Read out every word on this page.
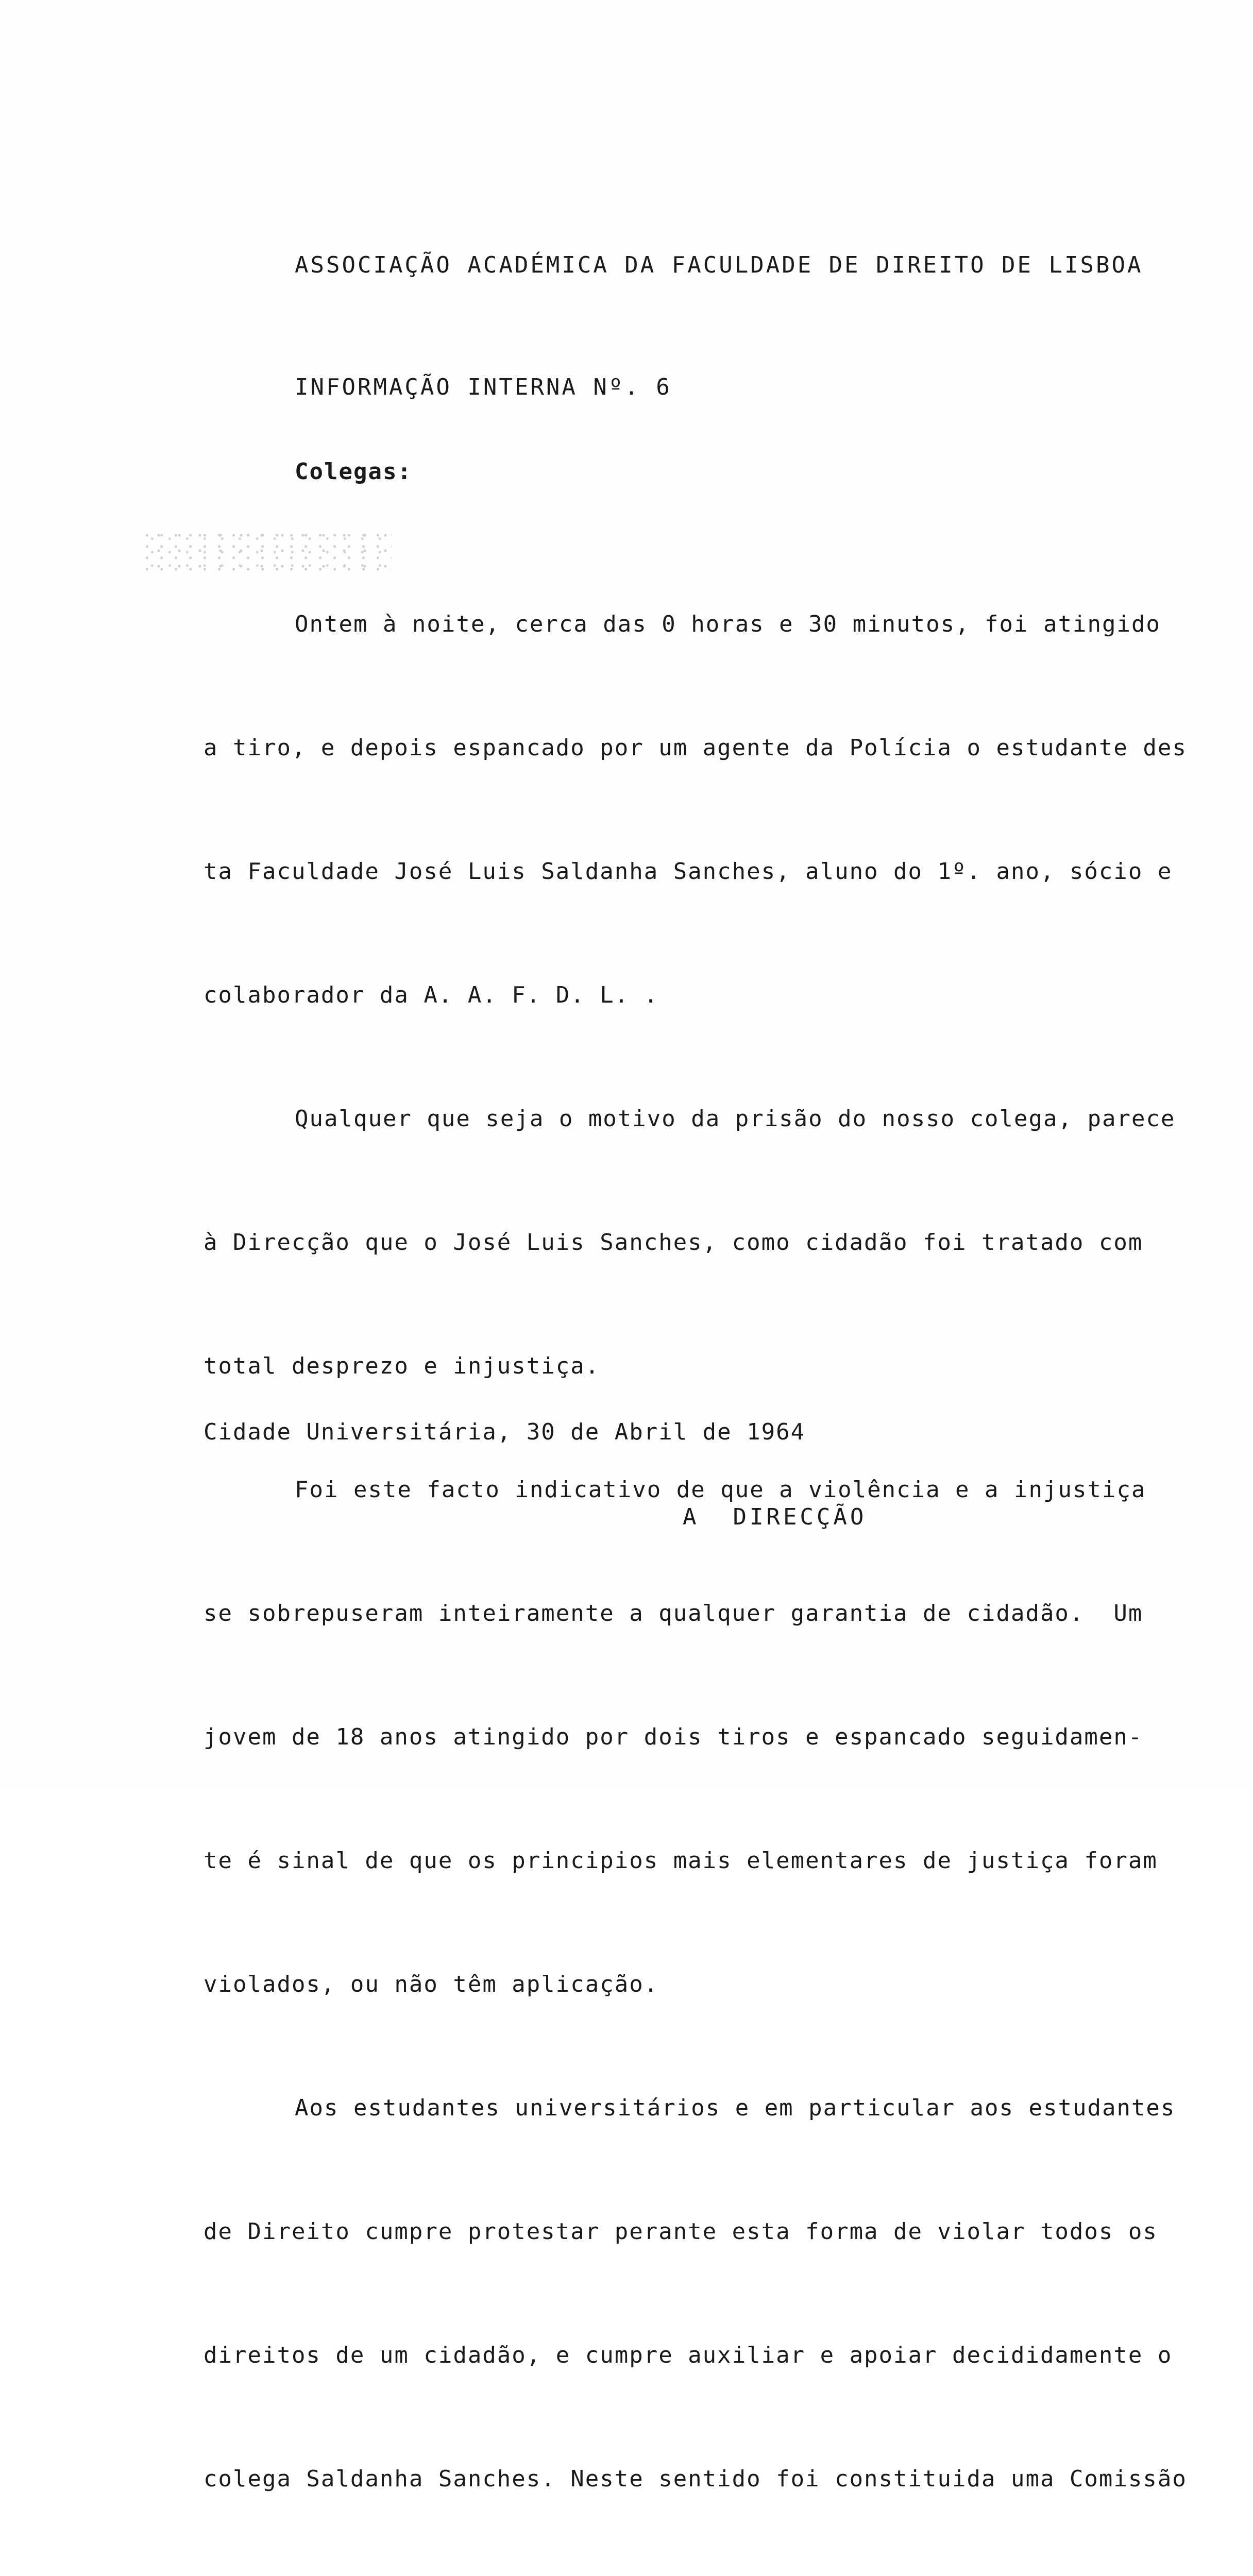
ASSOCIAÇÃO ACADÉMICA DA FACULDADE DE DIREITO DE LISBOA

INFORMAÇÃO INTERNA Nº. 6

Colegas:

Ontem à noite, cerca das 0 horas e 30 minutos, foi atingido

a tiro, e depois espancado por um agente da Polícia o estudante des

ta Faculdade José Luis Saldanha Sanches, aluno do 1º. ano, sócio e

colaborador da A. A. F. D. L. .

Qualquer que seja o motivo da prisão do nosso colega, parece

à Direcção que o José Luis Sanches, como cidadão foi tratado com

total desprezo e injustiça.

Foi este facto indicativo de que a violência e a injustiça

se sobrepuseram inteiramente a qualquer garantia de cidadão.  Um

jovem de 18 anos atingido por dois tiros e espancado seguidamen-

te é sinal de que os principios mais elementares de justiça foram

violados, ou não têm aplicação.

Aos estudantes universitários e em particular aos estudantes

de Direito cumpre protestar perante esta forma de violar todos os

direitos de um cidadão, e cumpre auxiliar e apoiar decididamente o

colega Saldanha Sanches. Neste sentido foi constituida uma Comissão

Cidade Universitária, 30 de Abril de 1964

A  DIRECÇÃO
